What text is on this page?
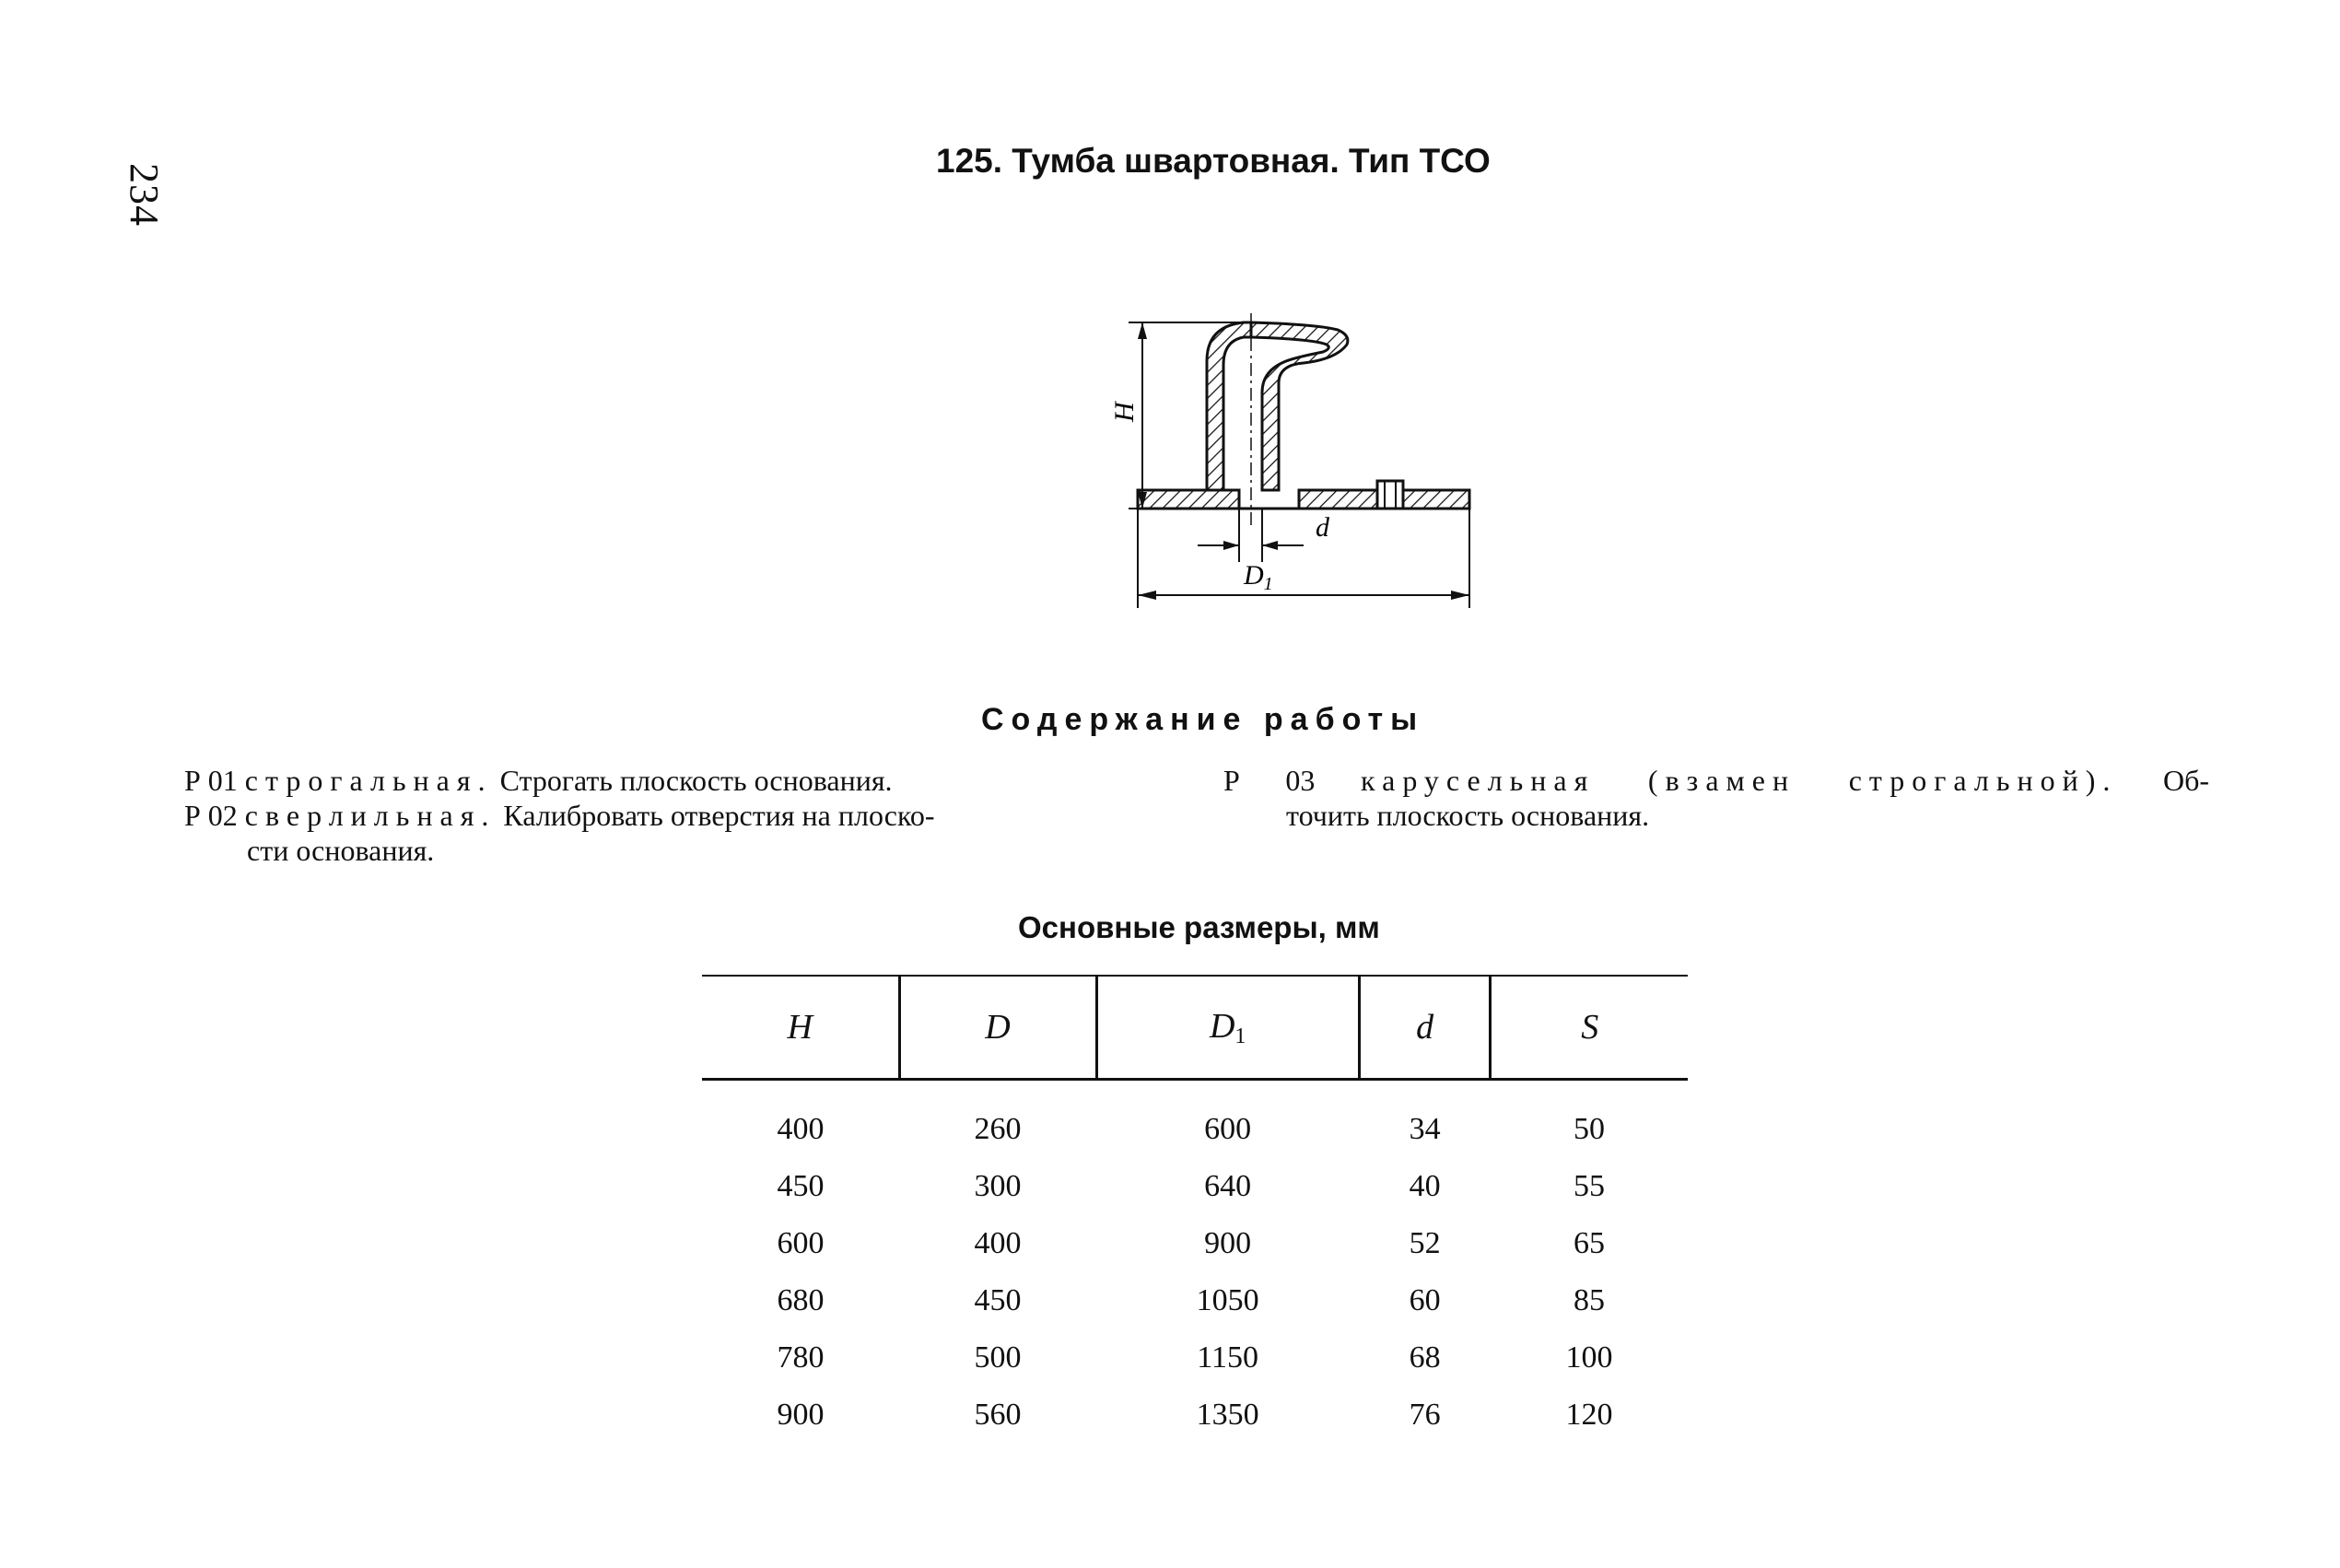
234
125. Тумба швартовная. Тип ТСО
H
d
$D_1$
Содержание работы

Р 01 строгальная. Строгать плоскость основания.

Р 02 сверлильная. Калибровать отверстия на плоско-

сти основания.

Р 03 карусельная (взамен строгальной). Об-

точить плоскость основания.

Основные размеры, мм
H	D	$D_1$	d	S
400	260	600	34	50
450	300	640	40	55
600	400	900	52	65
680	450	1050	60	85
780	500	1150	68	100
900	560	1350	76	120
